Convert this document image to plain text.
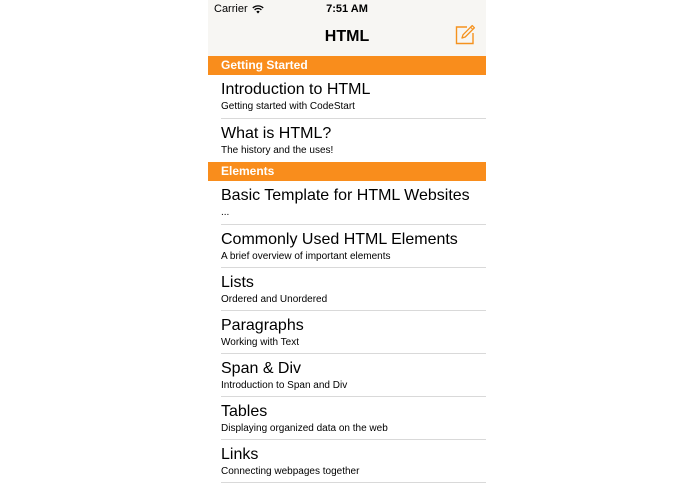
Carrier	7:51 AM
HTML
Getting Started
Introduction to HTML
Getting started with CodeStart
What is HTML?
The history and the uses!
Elements
Basic Template for HTML Websites
...
Commonly Used HTML Elements
A brief overview of important elements
Lists
Ordered and Unordered
Paragraphs
Working with Text
Span & Div
Introduction to Span and Div
Tables
Displaying organized data on the web
Links
Connecting webpages together
